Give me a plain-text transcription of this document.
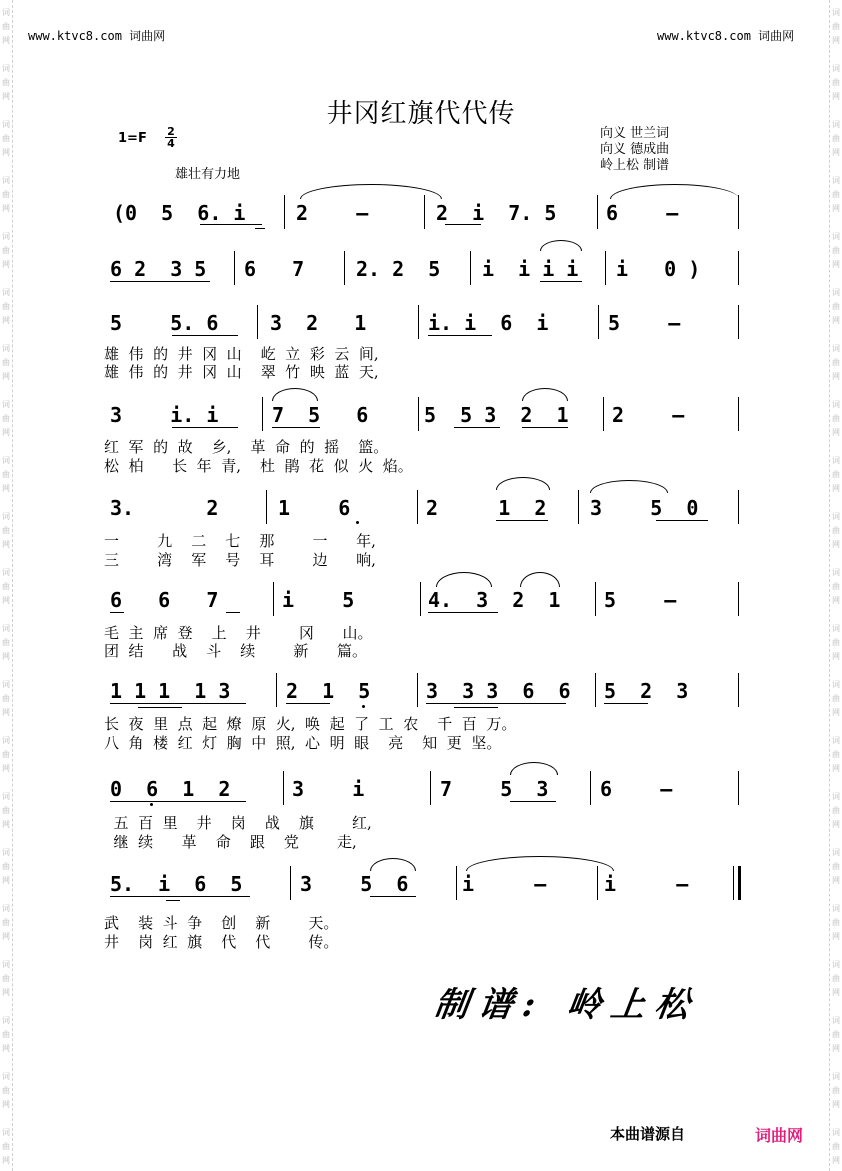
词
曲
网
词
曲
网
词
曲
网
词
曲
网
词
曲
网
词
曲
网
词
曲
网
词
曲
网
词
曲
网
词
曲
网
词
曲
网
词
曲
网
词
曲
网
词
曲
网
词
曲
网
词
曲
网
词
曲
网
词
曲
网
词
曲
网
词
曲
网
词
曲
网
词
曲
网
词
曲
网
词
曲
网
词
曲
网
词
曲
网
词
曲
网
词
曲
网
词
曲
网
词
曲
网
词
曲
网
词
曲
网
词
曲
网
词
曲
网
词
曲
网
词
曲
网
词
曲
网
词
曲
网
词
曲
网
词
曲
网
词
曲
网
词
曲
网
www.ktvc8.com 词曲网	www.ktvc8.com 词曲网
井冈红旗代代传
1=F 2
4
雄壮有力地
向义 世兰词
向义 德成曲
岭上松 制谱
(0  5  6. i	2    –	2  i  7. 5 6    –
6 2  3 5 6   7	2. 2  5 i  i i i i   0 )
5    5. 6	3  2   1	i. i  6  i	5    –
雄  伟  的  井  冈  山    屹  立  彩  云  间,
雄  伟  的  井  冈  山    翠  竹  映  蓝  天,
3    i. i	7  5   6	5  5 3  2  1 2    –
红  军  的  故    乡,    革  命  的  摇    篮。
松  柏      长  年  青,    杜  鹃  花  似  火  焰。
3.      2	1    6	2     1  2 3    5  0
一        九    二    七    那        一      年,
三        湾    军    号    耳        边      响,
6   6   7	i    5	4.  3  2  1 5    –
毛  主  席  登    上    井        冈      山。
团  结      战    斗    续        新      篇。
1 1 1  1 3	2  1  5	3  3 3  6  6 5  2  3
长  夜  里  点  起  燎  原  火,  唤  起  了  工  农    千  百  万。
八  角  楼  红  灯  胸  中  照,  心  明  眼    亮    知  更  坚。
0  6  1  2	3    i	7    5  3	6    –
五  百  里    井    岗    战    旗        红,
继  续      革    命    跟    党        走,
5.  i  6  5	3    5  6	i     –	i     –
武    装  斗  争    创    新        天。
井    岗  红  旗    代    代        传。
制谱: 岭上松
本曲谱源自	词曲网
